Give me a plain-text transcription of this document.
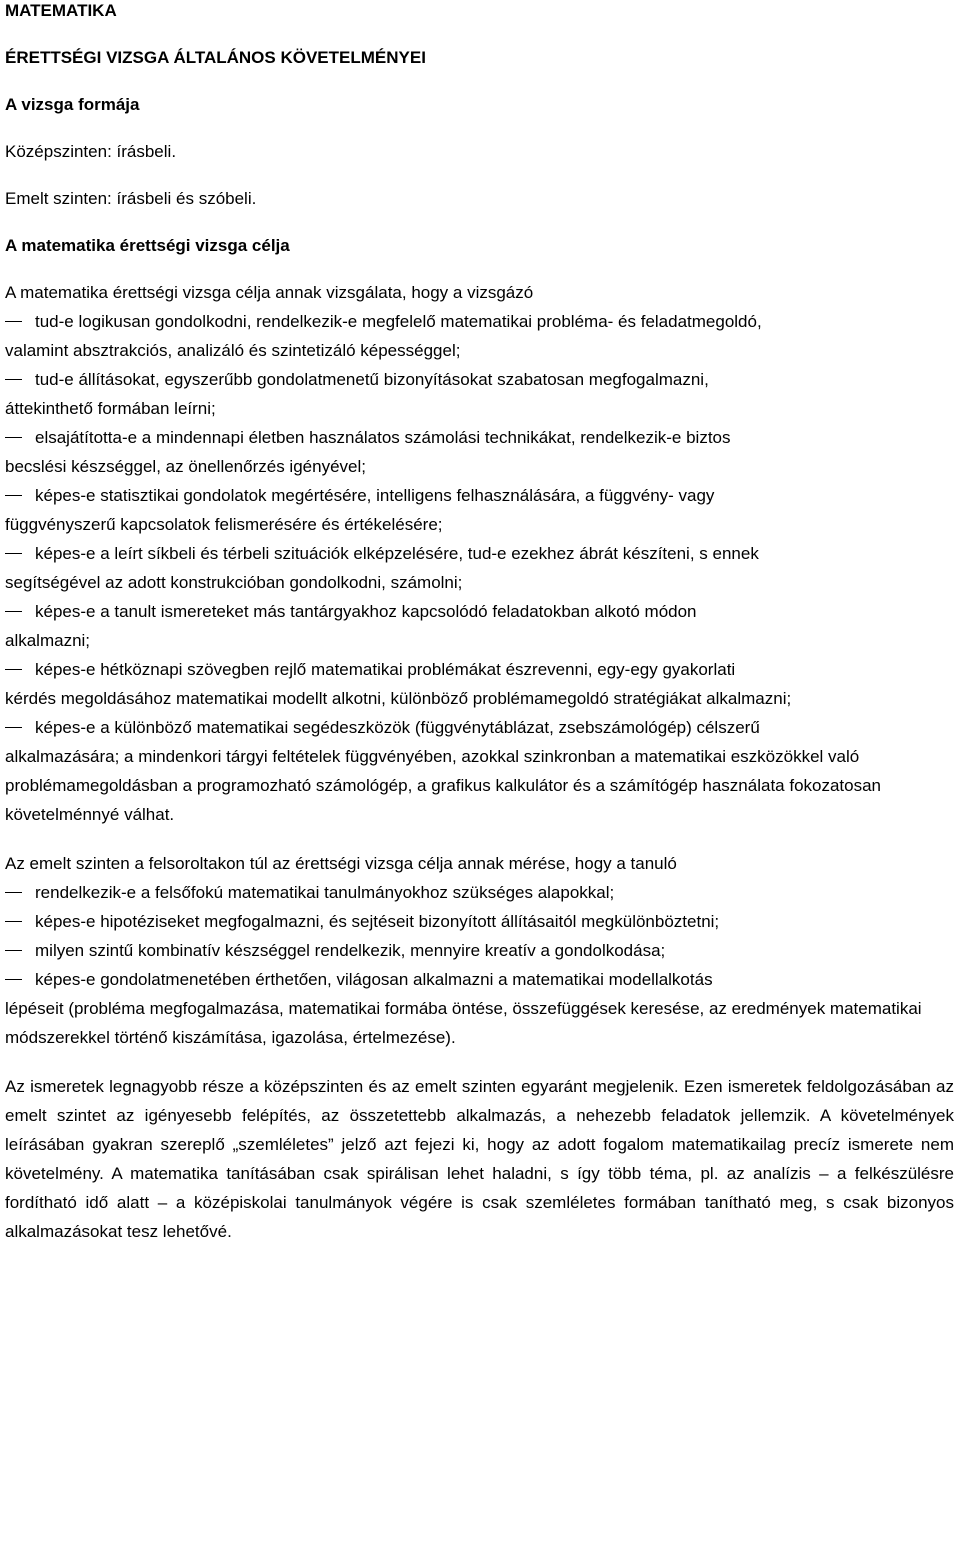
MATEMATIKA

ÉRETTSÉGI VIZSGA ÁLTALÁNOS KÖVETELMÉNYEI

A vizsga formája

Középszinten: írásbeli.

Emelt szinten: írásbeli és szóbeli.

A matematika érettségi vizsga célja

A matematika érettségi vizsga célja annak vizsgálata, hogy a vizsgázó

tud-e logikusan gondolkodni, rendelkezik-e megfelelő matematikai probléma- és feladatmegoldó,
valamint absztrakciós, analizáló és szintetizáló képességgel;

tud-e állításokat, egyszerűbb gondolatmenetű bizonyításokat szabatosan megfogalmazni,
áttekinthető formában leírni;

elsajátította-e a mindennapi életben használatos számolási technikákat, rendelkezik-e biztos
becslési készséggel, az önellenőrzés igényével;

képes-e statisztikai gondolatok megértésére, intelligens felhasználására, a függvény- vagy
függvényszerű kapcsolatok felismerésére és értékelésére;

képes-e a leírt síkbeli és térbeli szituációk elképzelésére, tud-e ezekhez ábrát készíteni, s ennek
segítségével az adott konstrukcióban gondolkodni, számolni;

képes-e a tanult ismereteket más tantárgyakhoz kapcsolódó feladatokban alkotó módon
alkalmazni;

képes-e hétköznapi szövegben rejlő matematikai problémákat észrevenni, egy-egy gyakorlati
kérdés megoldásához matematikai modellt alkotni, különböző problémamegoldó stratégiákat alkalmazni;

képes-e a különböző matematikai segédeszközök (függvénytáblázat, zsebszámológép) célszerű
alkalmazására; a mindenkori tárgyi feltételek függvényében, azokkal szinkronban a matematikai eszközökkel való problémamegoldásban a programozható számológép, a grafikus kalkulátor és a számítógép használata fokozatosan követelménnyé válhat.

Az emelt szinten a felsoroltakon túl az érettségi vizsga célja annak mérése, hogy a tanuló

rendelkezik-e a felsőfokú matematikai tanulmányokhoz szükséges alapokkal;

képes-e hipotéziseket megfogalmazni, és sejtéseit bizonyított állításaitól megkülönböztetni;

milyen szintű kombinatív készséggel rendelkezik, mennyire kreatív a gondolkodása;

képes-e gondolatmenetében érthetően, világosan alkalmazni a matematikai modellalkotás
lépéseit (probléma megfogalmazása, matematikai formába öntése, összefüggések keresése, az eredmények matematikai módszerekkel történő kiszámítása, igazolása, értelmezése).

Az ismeretek legnagyobb része a középszinten és az emelt szinten egyaránt megjelenik. Ezen ismeretek feldolgozásában az emelt szintet az igényesebb felépítés, az összetettebb alkalmazás, a nehezebb feladatok jellemzik. A követelmények leírásában gyakran szereplő „szemléletes” jelző azt fejezi ki, hogy az adott fogalom matematikailag precíz ismerete nem követelmény. A matematika tanításában csak spirálisan lehet haladni, s így több téma, pl. az analízis – a felkészülésre fordítható idő alatt – a középiskolai tanulmányok végére is csak szemléletes formában tanítható meg, s csak bizonyos alkalmazásokat tesz lehetővé.
